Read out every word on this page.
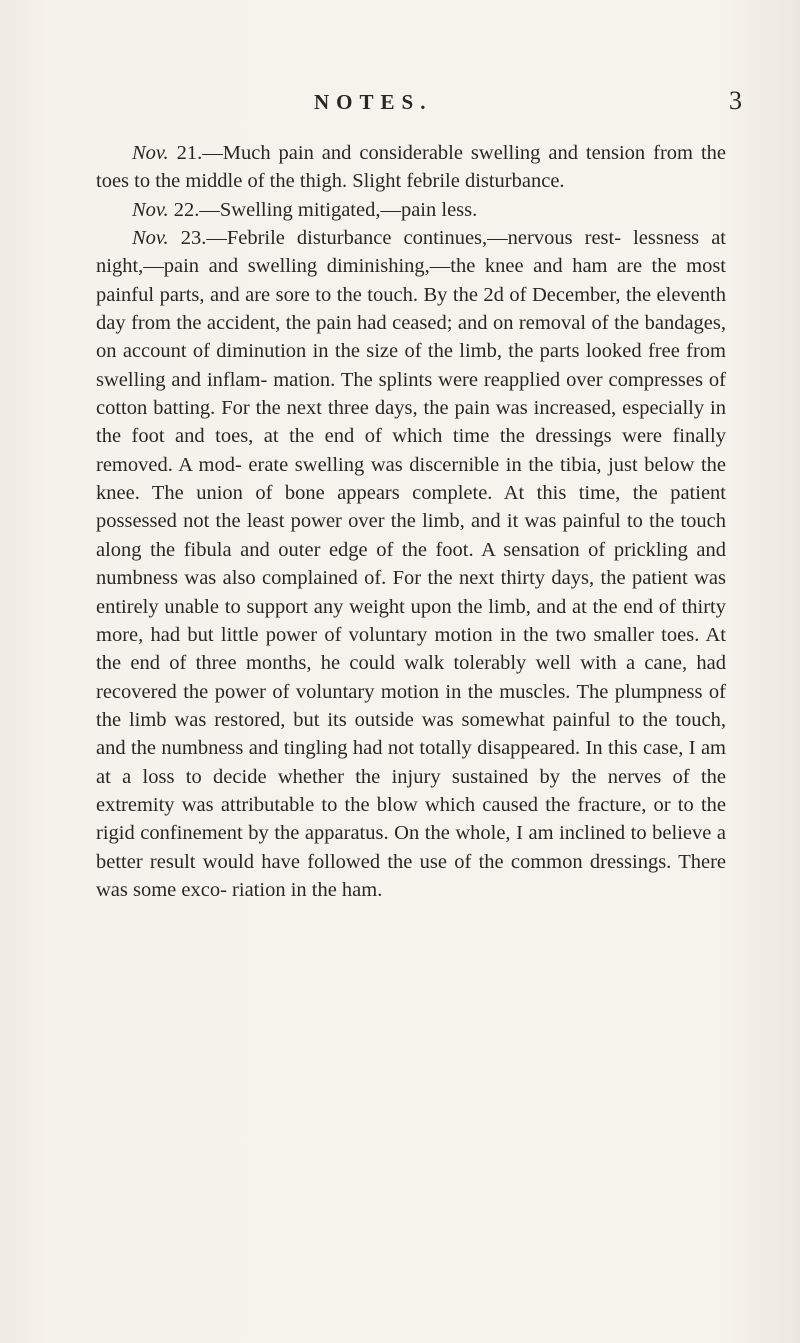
NOTES.	3

Nov. 21.—Much pain and considerable swelling and tension from the toes to the middle of the thigh. Slight febrile disturbance.

Nov. 22.—Swelling mitigated,—pain less.

Nov. 23.—Febrile disturbance continues,—nervous rest- lessness at night,—pain and swelling diminishing,—the knee and ham are the most painful parts, and are sore to the touch. By the 2d of December, the eleventh day from the accident, the pain had ceased; and on removal of the bandages, on account of diminution in the size of the limb, the parts looked free from swelling and inflam- mation. The splints were reapplied over compresses of cotton batting. For the next three days, the pain was increased, especially in the foot and toes, at the end of which time the dressings were finally removed. A mod- erate swelling was discernible in the tibia, just below the knee. The union of bone appears complete. At this time, the patient possessed not the least power over the limb, and it was painful to the touch along the fibula and outer edge of the foot. A sensation of prickling and numbness was also complained of. For the next thirty days, the patient was entirely unable to support any weight upon the limb, and at the end of thirty more, had but little power of voluntary motion in the two smaller toes. At the end of three months, he could walk tolerably well with a cane, had recovered the power of voluntary motion in the muscles. The plumpness of the limb was restored, but its outside was somewhat painful to the touch, and the numbness and tingling had not totally disappeared. In this case, I am at a loss to decide whether the injury sustained by the nerves of the extremity was attributable to the blow which caused the fracture, or to the rigid confinement by the apparatus. On the whole, I am inclined to believe a better result would have followed the use of the common dressings. There was some exco- riation in the ham.
